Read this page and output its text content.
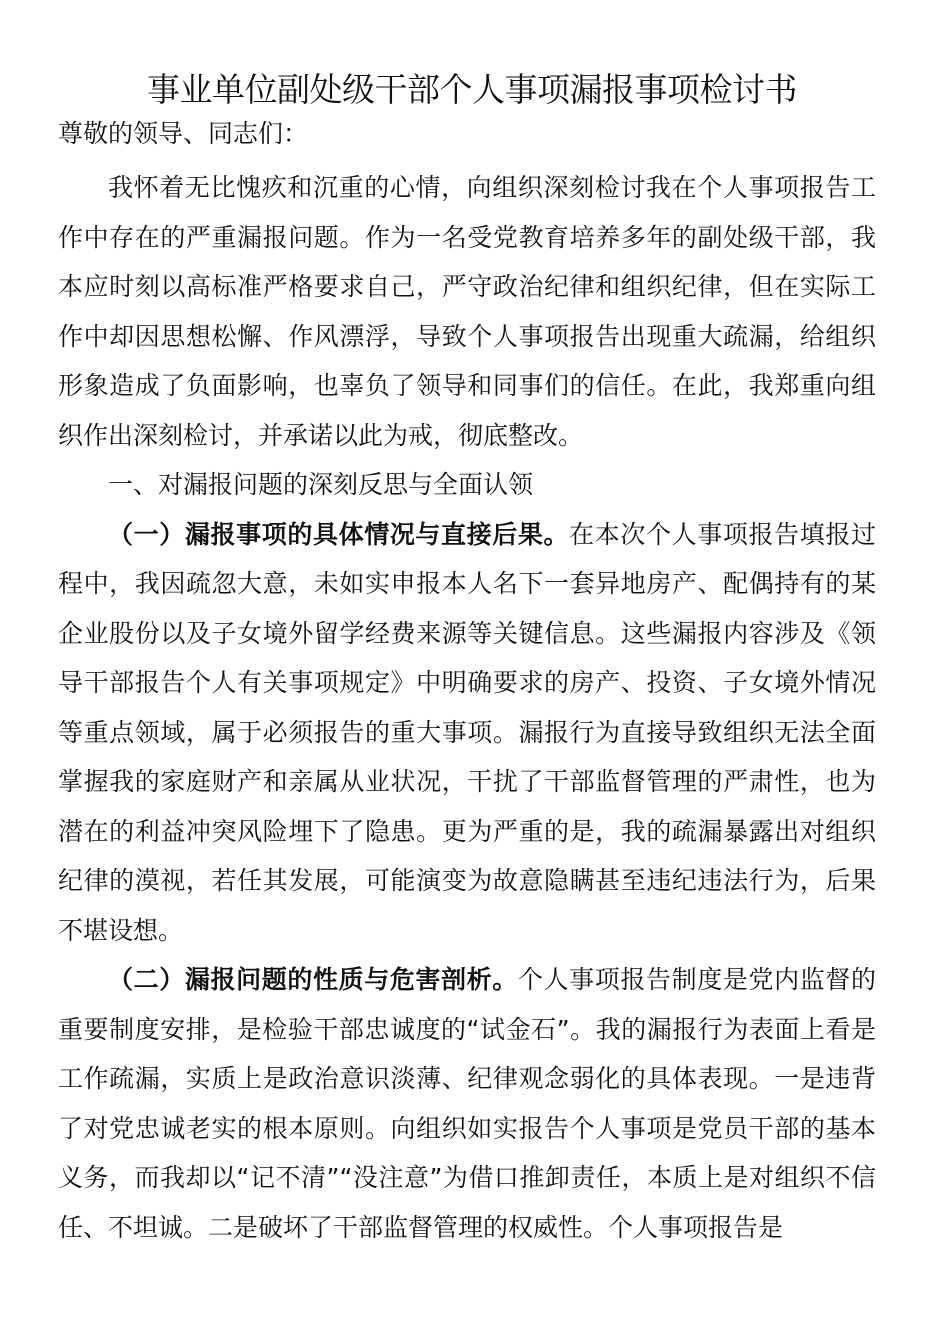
事业单位副处级干部个人事项漏报事项检讨书

尊敬的领导、同志们：

我怀着无比愧疚和沉重的心情，向组织深刻检讨我在个人事项报告工作中存在的严重漏报问题。作为一名受党教育培养多年的副处级干部，我本应时刻以高标准严格要求自己，严守政治纪律和组织纪律，但在实际工作中却因思想松懈、作风漂浮，导致个人事项报告出现重大疏漏，给组织形象造成了负面影响，也辜负了领导和同事们的信任。在此，我郑重向组织作出深刻检讨，并承诺以此为戒，彻底整改。

一、对漏报问题的深刻反思与全面认领

（一）漏报事项的具体情况与直接后果。在本次个人事项报告填报过程中，我因疏忽大意，未如实申报本人名下一套异地房产、配偶持有的某企业股份以及子女境外留学经费来源等关键信息。这些漏报内容涉及《领导干部报告个人有关事项规定》中明确要求的房产、投资、子女境外情况等重点领域，属于必须报告的重大事项。漏报行为直接导致组织无法全面掌握我的家庭财产和亲属从业状况，干扰了干部监督管理的严肃性，也为潜在的利益冲突风险埋下了隐患。更为严重的是，我的疏漏暴露出对组织纪律的漠视，若任其发展，可能演变为故意隐瞒甚至违纪违法行为，后果不堪设想。

（二）漏报问题的性质与危害剖析。个人事项报告制度是党内监督的重要制度安排，是检验干部忠诚度的“试金石”。我的漏报行为表面上看是工作疏漏，实质上是政治意识淡薄、纪律观念弱化的具体表现。一是违背了对党忠诚老实的根本原则。向组织如实报告个人事项是党员干部的基本义务，而我却以“记不清”“没注意”为借口推卸责任，本质上是对组织不信任、不坦诚。二是破坏了干部监督管理的权威性。个人事项报告是
